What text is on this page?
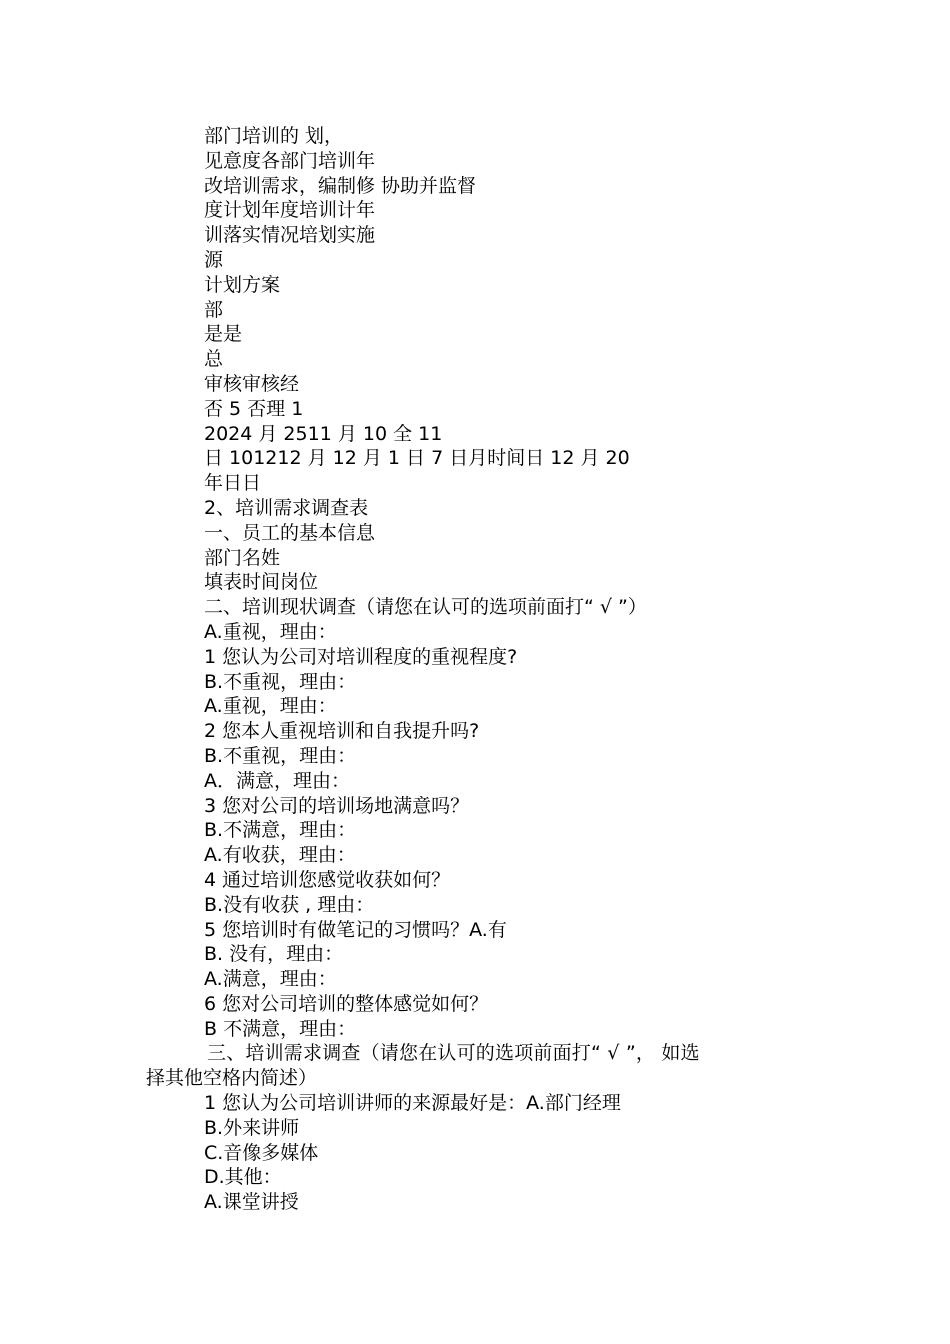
部门培训的 划，
见意度各部门培训年
改培训需求，编制修 协助并监督
度计划年度培训计年
训落实情况培划实施
源
计划方案
部
是是
总
审核审核经
否 5 否理 1
2024 月 2511 月 10 全 11
日 101212 月 12 月 1 日 7 日月时间日 12 月 20
年日日
2、培训需求调查表
一、员工的基本信息
部门名姓
填表时间岗位
二、培训现状调查（请您在认可的选项前面打“ √ ”）
A.重视，理由：
1 您认为公司对培训程度的重视程度?
B.不重视，理由：
A.重视，理由：
2 您本人重视培训和自我提升吗?
B.不重视，理由：
A．满意，理由：
3 您对公司的培训场地满意吗？
B.不满意，理由：
A.有收获，理由：
4 通过培训您感觉收获如何？
B.没有收获 , 理由：
5 您培训时有做笔记的习惯吗？A.有
B. 没有，理由：
A.满意，理由：
6 您对公司培训的整体感觉如何？
B 不满意，理由：
三、培训需求调查（请您在认可的选项前面打“ √ ”， 如选
择其他空格内简述）
1 您认为公司培训讲师的来源最好是：A.部门经理
B.外来讲师
C.音像多媒体
D.其他：
A.课堂讲授
